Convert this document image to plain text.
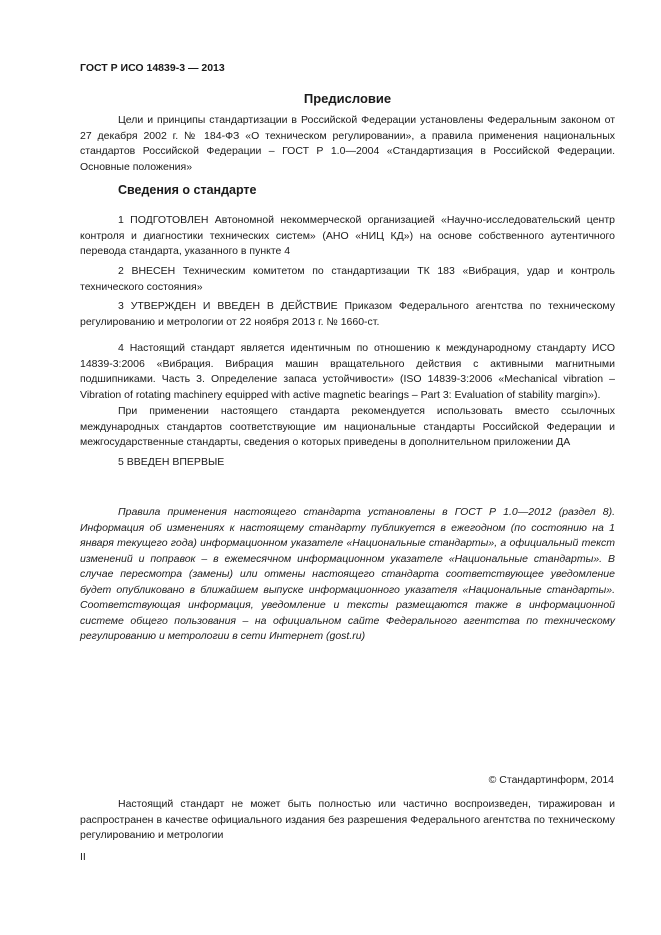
ГОСТ Р ИСО 14839-3 — 2013
Предисловие

Цели и принципы стандартизации в Российской Федерации установлены Федеральным законом от 27 декабря 2002 г. № 184-ФЗ «О техническом регулировании», а правила применения национальных стандартов Российской Федерации – ГОСТ Р 1.0—2004 «Стандартизация в Российской Федерации. Основные положения»

Сведения о стандарте

1 ПОДГОТОВЛЕН Автономной некоммерческой организацией «Научно-исследовательский центр контроля и диагностики технических систем» (АНО «НИЦ КД») на основе собственного аутентичного перевода стандарта, указанного в пункте 4

2 ВНЕСЕН Техническим комитетом по стандартизации ТК 183 «Вибрация, удар и контроль технического состояния»

3 УТВЕРЖДЕН И ВВЕДЕН В ДЕЙСТВИЕ Приказом Федерального агентства по техническому регулированию и метрологии от 22 ноября 2013 г. № 1660-ст.

4 Настоящий стандарт является идентичным по отношению к международному стандарту ИСО 14839-3:2006 «Вибрация. Вибрация машин вращательного действия с активными магнитными подшипниками. Часть 3. Определение запаса устойчивости» (ISO 14839-3:2006 «Mechanical vibration – Vibration of rotating machinery equipped with active magnetic bearings – Part 3: Evaluation of stability margin»).

При применении настоящего стандарта рекомендуется использовать вместо ссылочных международных стандартов соответствующие им национальные стандарты Российской Федерации и межгосударственные стандарты, сведения о которых приведены в дополнительном приложении ДА

5 ВВЕДЕН ВПЕРВЫЕ

Правила применения настоящего стандарта установлены в ГОСТ Р 1.0—2012 (раздел 8). Информация об изменениях к настоящему стандарту публикуется в ежегодном (по состоянию на 1 января текущего года) информационном указателе «Национальные стандарты», а официальный текст изменений и поправок – в ежемесячном информационном указателе «Национальные стандарты». В случае пересмотра (замены) или отмены настоящего стандарта соответствующее уведомление будет опубликовано в ближайшем выпуске информационного указателя «Национальные стандарты». Соответствующая информация, уведомление и тексты размещаются также в информационной системе общего пользования – на официальном сайте Федерального агентства по техническому регулированию и метрологии в сети Интернет (gost.ru)

© Стандартинформ, 2014

Настоящий стандарт не может быть полностью или частично воспроизведен, тиражирован и распространен в качестве официального издания без разрешения Федерального агентства по техническому регулированию и метрологии

II
